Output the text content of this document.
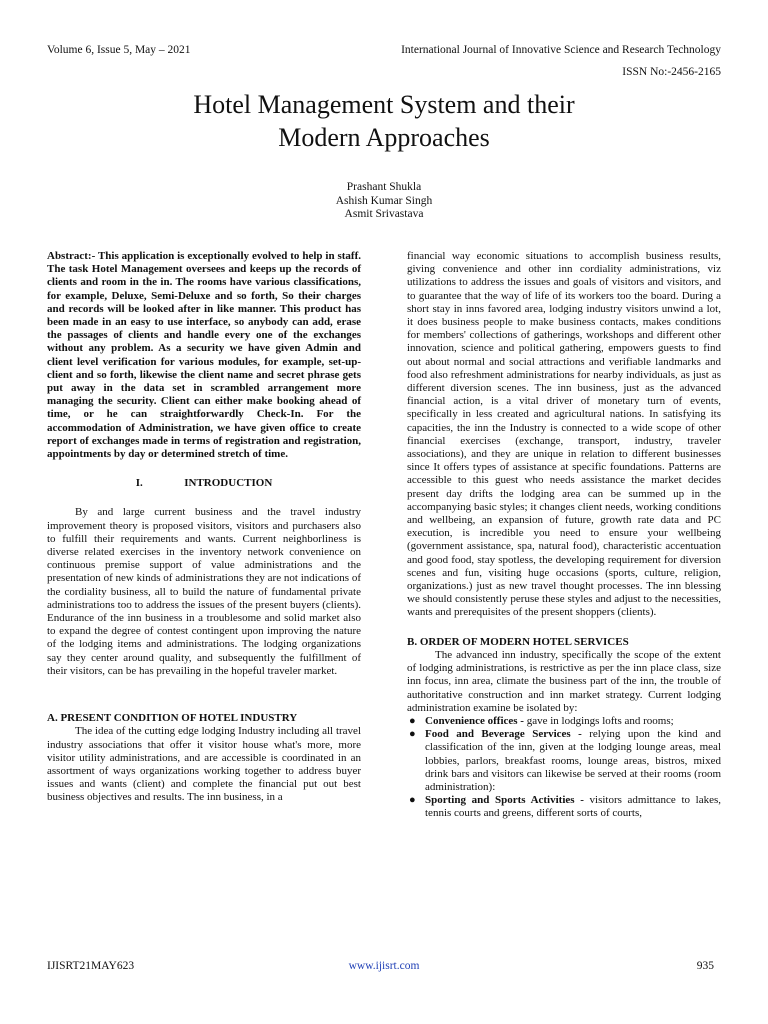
Volume 6, Issue 5, May – 2021	International Journal of Innovative Science and Research Technology
ISSN No:-2456-2165
Hotel Management System and their
Modern Approaches
Prashant Shukla
Ashish Kumar Singh
Asmit Srivastava

Abstract:- This application is exceptionally evolved to help in staff. The task Hotel Management oversees and keeps up the records of clients and room in the in. The rooms have various classifications, for example, Deluxe, Semi-Deluxe and so forth, So their charges and records will be looked after in like manner. This product has been made in an easy to use interface, so anybody can add, erase the passages of clients and handle every one of the exchanges without any problem. As a security we have given Admin and client level verification for various modules, for example, set-up-client and so forth, likewise the client name and secret phrase gets put away in the data set in scrambled arrangement more managing the security. Client can either make booking ahead of time, or he can straightforwardly Check-In. For the accommodation of Administration, we have given office to create report of exchanges made in terms of registration and registration, appointments by day or determined stretch of time.

I.	INTRODUCTION

By and large current business and the travel industry improvement theory is proposed visitors, visitors and purchasers also to fulfill their requirements and wants. Current neighborliness is diverse related exercises in the inventory network convenience on continuous premise support of value administrations and the presentation of new kinds of administrations they are not indications of the cordiality business, all to build the nature of fundamental private administrations too to address the issues of the present buyers (clients). Endurance of the inn business in a troublesome and solid market also to expand the degree of contest contingent upon improving the nature of the lodging items and administrations. The lodging organizations say they center around quality, and subsequently the fulfillment of their visitors, can be has prevailing in the hopeful traveler market.

A. PRESENT CONDITION OF HOTEL INDUSTRY

The idea of the cutting edge lodging Industry including all travel industry associations that offer it visitor house what's more, more visitor utility administrations, and are accessible is coordinated in an assortment of ways organizations working together to address buyer issues and wants (client) and complete the financial put out best business objectives and results. The inn business, in a

financial way economic situations to accomplish business results, giving convenience and other inn cordiality administrations, viz utilizations to address the issues and goals of visitors and visitors, and to guarantee that the way of life of its workers too the board. During a short stay in inns favored area, lodging industry visitors unwind a lot, it does business people to make business contacts, makes conditions for members' collections of gatherings, workshops and different other innovation, science and political gathering, empowers guests to find out about normal and social attractions and verifiable landmarks and food also refreshment administrations for nearby individuals, as just as different diversion scenes. The inn business, just as the advanced financial action, is a vital driver of monetary turn of events, specifically in less created and agricultural nations. In satisfying its capacities, the inn the Industry is connected to a wide scope of other financial exercises (exchange, transport, industry, traveler associations), and they are unique in relation to different businesses since It offers types of assistance at specific foundations. Patterns are accessible to this guest who needs assistance the market decides present day drifts the lodging area can be summed up in the accompanying basic styles; it changes client needs, working conditions and wellbeing, an expansion of future, growth rate data and PC execution, is incredible you need to ensure your wellbeing (government assistance, spa, natural food), characteristic accentuation and good food, stay spotless, the developing requirement for diversion scenes and fun, visiting huge occasions (sports, culture, religion, organizations.) just as new travel thought processes. The inn blessing we should consistently peruse these styles and adjust to the necessities, wants and prerequisites of the present shoppers (clients).

B. ORDER OF MODERN HOTEL SERVICES

The advanced inn industry, specifically the scope of the extent of lodging administrations, is restrictive as per the inn place class, size inn focus, inn area, climate the business part of the inn, the trouble of authoritative construction and inn market strategy. Current lodging administration examine be isolated by:

● Convenience offices - gave in lodgings lofts and rooms;
● Food and Beverage Services - relying upon the kind and classification of the inn, given at the lodging lounge areas, meal lobbies, parlors, breakfast rooms, lounge areas, bistros, mixed drink bars and visitors can likewise be served at their rooms (room administration):
● Sporting and Sports Activities - visitors admittance to lakes, tennis courts and greens, different sorts of courts,
IJISRT21MAY623	www.ijisrt.com	935
